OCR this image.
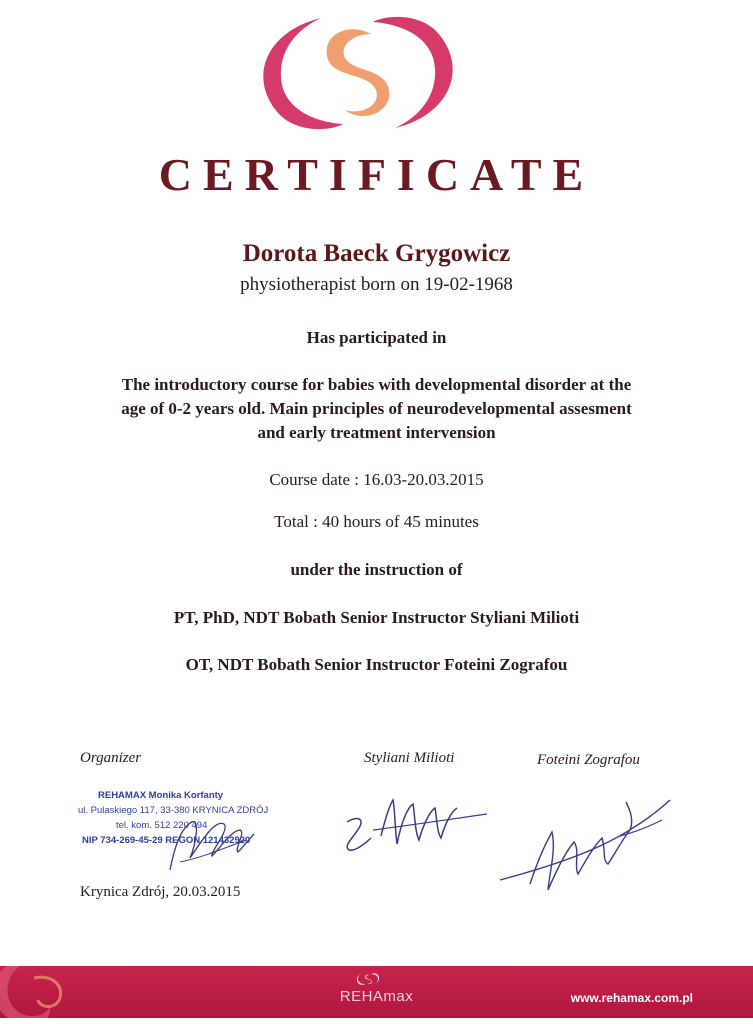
CERTIFICATE
Dorota Baeck Grygowicz
physiotherapist born on 19-02-1968
Has participated in
The introductory course for babies with developmental disorder at the
age of 0-2 years old. Main principles of neurodevelopmental assesment
and early treatment intervension
Course date : 16.03-20.03.2015
Total : 40 hours of 45 minutes
under the instruction of
PT, PhD, NDT Bobath Senior Instructor Styliani Milioti
OT, NDT Bobath Senior Instructor Foteini Zografou
Organizer	Styliani Milioti	Foteini Zografou
REHAMAX Monika Korfanty
ul. Pulaskiego 117, 33-380 KRYNICA ZDRÓJ
tel. kom. 512 220 494
NIP 734-269-45-29 REGON 121432920
Krynica Zdrój, 20.03.2015
REHAmax	www.rehamax.com.pl
